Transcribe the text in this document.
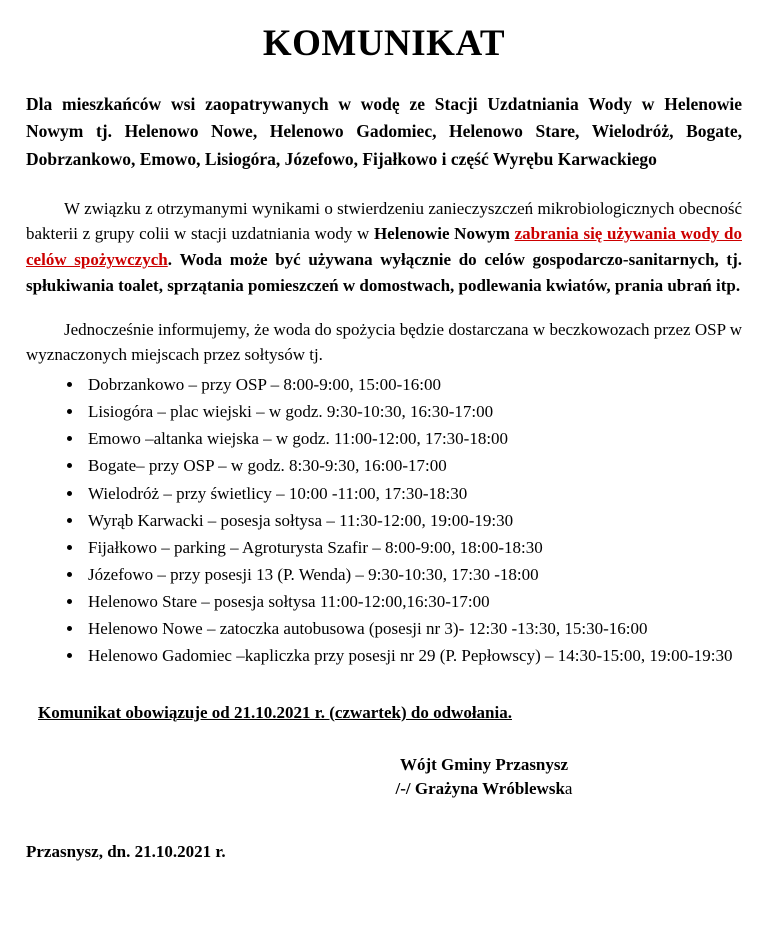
KOMUNIKAT
Dla mieszkańców wsi zaopatrywanych w wodę ze Stacji Uzdatniania Wody w Helenowie Nowym tj. Helenowo Nowe, Helenowo Gadomiec, Helenowo Stare, Wielodróż, Bogate, Dobrzankowo, Emowo, Lisiogóra, Józefowo, Fijałkowo i część Wyrębu Karwackiego
W związku z otrzymanymi wynikami o stwierdzeniu zanieczyszczeń mikrobiologicznych obecność bakterii z grupy colii w stacji uzdatniania wody w Helenowie Nowym zabrania się używania wody do celów spożywczych. Woda może być używana wyłącznie do celów gospodarczo-sanitarnych, tj. spłukiwania toalet, sprzątania pomieszczeń w domostwach, podlewania kwiatów, prania ubrań itp.
Jednocześnie informujemy, że woda do spożycia będzie dostarczana w beczkowozach przez OSP w wyznaczonych miejscach przez sołtysów tj.
• Dobrzankowo – przy OSP – 8:00-9:00, 15:00-16:00
• Lisiogóra – plac wiejski – w godz. 9:30-10:30, 16:30-17:00
• Emowo –altanka wiejska – w godz. 11:00-12:00, 17:30-18:00
• Bogate– przy OSP – w godz. 8:30-9:30, 16:00-17:00
• Wielodróż – przy świetlicy – 10:00 -11:00, 17:30-18:30
• Wyrąb Karwacki – posesja sołtysa – 11:30-12:00, 19:00-19:30
• Fijałkowo – parking – Agroturysta Szafir – 8:00-9:00, 18:00-18:30
• Józefowo – przy posesji 13 (P. Wenda) – 9:30-10:30, 17:30 -18:00
• Helenowo Stare – posesja sołtysa 11:00-12:00,16:30-17:00
• Helenowo Nowe – zatoczka autobusowa (posesji nr 3)- 12:30 -13:30, 15:30-16:00
• Helenowo Gadomiec –kapliczka przy posesji nr 29 (P. Pepłowscy) – 14:30-15:00, 19:00-19:30
Komunikat obowiązuje od 21.10.2021 r. (czwartek) do odwołania.
Wójt Gminy Przasnysz
/-/ Grażyna Wróblewska
Przasnysz, dn. 21.10.2021 r.
